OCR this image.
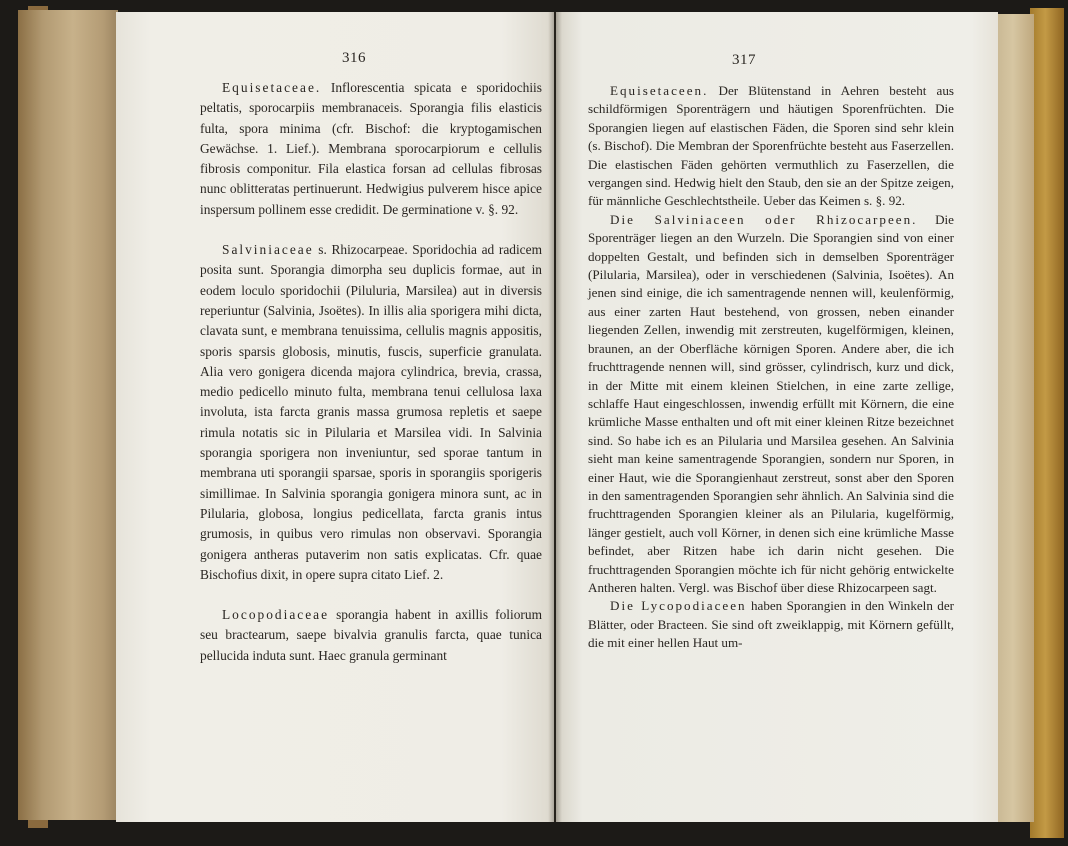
316

Equisetaceae. Inflorescentia spicata e sporidochiis peltatis, sporocarpiis membranaceis. Sporangia filis elasticis fulta, spora minima (cfr. Bischof: die kryptogamischen Gewächse. 1. Lief.). Membrana sporocarpiorum e cellulis fibrosis componitur. Fila elastica forsan ad cellulas fibrosas nunc oblitteratas pertinuerunt. Hedwigius pulverem hisce apice inspersum pollinem esse credidit. De germinatione v. §. 92.

Salviniaceae s. Rhizocarpeae. Sporidochia ad radicem posita sunt. Sporangia dimorpha seu duplicis formae, aut in eodem loculo sporidochii (Piluluria, Marsilea) aut in diversis reperiuntur (Salvinia, Jsoëtes). In illis alia sporigera mihi dicta, clavata sunt, e membrana tenuissima, cellulis magnis appositis, sporis sparsis globosis, minutis, fuscis, superficie granulata. Alia vero gonigera dicenda majora cylindrica, brevia, crassa, medio pedicello minuto fulta, membrana tenui cellulosa laxa involuta, ista farcta granis massa grumosa repletis et saepe rimula notatis sic in Pilularia et Marsilea vidi. In Salvinia sporangia sporigera non inveniuntur, sed sporae tantum in membrana uti sporangii sparsae, sporis in sporangiis sporigeris simillimae. In Salvinia sporangia gonigera minora sunt, ac in Pilularia, globosa, longius pedicellata, farcta granis intus grumosis, in quibus vero rimulas non observavi. Sporangia gonigera antheras putaverim non satis explicatas. Cfr. quae Bischofius dixit, in opere supra citato Lief. 2.

Locopodiaceae sporangia habent in axillis foliorum seu bractearum, saepe bivalvia granulis farcta, quae tunica pellucida induta sunt. Haec granula germinant

317

Equisetaceen. Der Blütenstand in Aehren besteht aus schildförmigen Sporenträgern und häutigen Sporenfrüchten. Die Sporangien liegen auf elastischen Fäden, die Sporen sind sehr klein (s. Bischof). Die Membran der Sporenfrüchte besteht aus Faserzellen. Die elastischen Fäden gehörten vermuthlich zu Faserzellen, die vergangen sind. Hedwig hielt den Staub, den sie an der Spitze zeigen, für männliche Geschlechtstheile. Ueber das Keimen s. §. 92.

Die Salviniaceen oder Rhizocarpeen. Die Sporenträger liegen an den Wurzeln. Die Sporangien sind von einer doppelten Gestalt, und befinden sich in demselben Sporenträger (Pilularia, Marsilea), oder in verschiedenen (Salvinia, Isoëtes). An jenen sind einige, die ich samentragende nennen will, keulenförmig, aus einer zarten Haut bestehend, von grossen, neben einander liegenden Zellen, inwendig mit zerstreuten, kugelförmigen, kleinen, braunen, an der Oberfläche körnigen Sporen. Andere aber, die ich fruchttragende nennen will, sind grösser, cylindrisch, kurz und dick, in der Mitte mit einem kleinen Stielchen, in eine zarte zellige, schlaffe Haut eingeschlossen, inwendig erfüllt mit Körnern, die eine krümliche Masse enthalten und oft mit einer kleinen Ritze bezeichnet sind. So habe ich es an Pilularia und Marsilea gesehen. An Salvinia sieht man keine samentragende Sporangien, sondern nur Sporen, in einer Haut, wie die Sporangienhaut zerstreut, sonst aber den Sporen in den samentragenden Sporangien sehr ähnlich. An Salvinia sind die fruchttragenden Sporangien kleiner als an Pilularia, kugelförmig, länger gestielt, auch voll Körner, in denen sich eine krümliche Masse befindet, aber Ritzen habe ich darin nicht gesehen. Die fruchttragenden Sporangien möchte ich für nicht gehörig entwickelte Antheren halten. Vergl. was Bischof über diese Rhizocarpeen sagt.

Die Lycopodiaceen haben Sporangien in den Winkeln der Blätter, oder Bracteen. Sie sind oft zweiklappig, mit Körnern gefüllt, die mit einer hellen Haut um-
